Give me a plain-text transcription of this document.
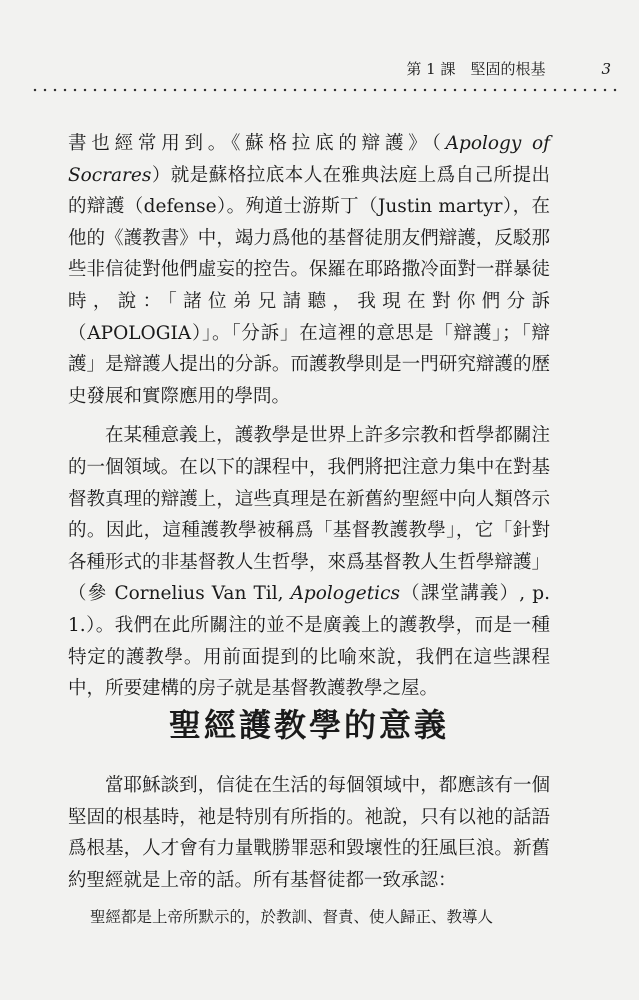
第 1 課　堅固的根基	3

書也經常用到。《蘇格拉底的辯護》（Apology of Socrares）就是蘇格拉底本人在雅典法庭上爲自己所提出的辯護（defense）。殉道士游斯丁（Justin martyr），在他的《護教書》中，竭力爲他的基督徒朋友們辯護，反駁那些非信徒對他們虛妄的控告。保羅在耶路撒冷面對一群暴徒時，說：「諸位弟兄請聽，我現在對你們分訴（APOLOGIA）」。「分訴」在這裡的意思是「辯護」；「辯護」是辯護人提出的分訴。而護教學則是一門研究辯護的歷史發展和實際應用的學問。

在某種意義上，護教學是世界上許多宗教和哲學都關注的一個領域。在以下的課程中，我們將把注意力集中在對基督教真理的辯護上，這些真理是在新舊約聖經中向人類啓示的。因此，這種護教學被稱爲「基督教護教學」，它「針對各種形式的非基督教人生哲學，來爲基督教人生哲學辯護」（參 Cornelius Van Til, Apologetics（課堂講義）, p. 1.）。我們在此所關注的並不是廣義上的護教學，而是一種特定的護教學。用前面提到的比喻來說，我們在這些課程中，所要建構的房子就是基督教護教學之屋。

聖經護教學的意義

當耶穌談到，信徒在生活的每個領域中，都應該有一個堅固的根基時，祂是特別有所指的。祂說，只有以祂的話語爲根基，人才會有力量戰勝罪惡和毀壞性的狂風巨浪。新舊約聖經就是上帝的話。所有基督徒都一致承認：

聖經都是上帝所默示的，於教訓、督責、使人歸正、教導人
